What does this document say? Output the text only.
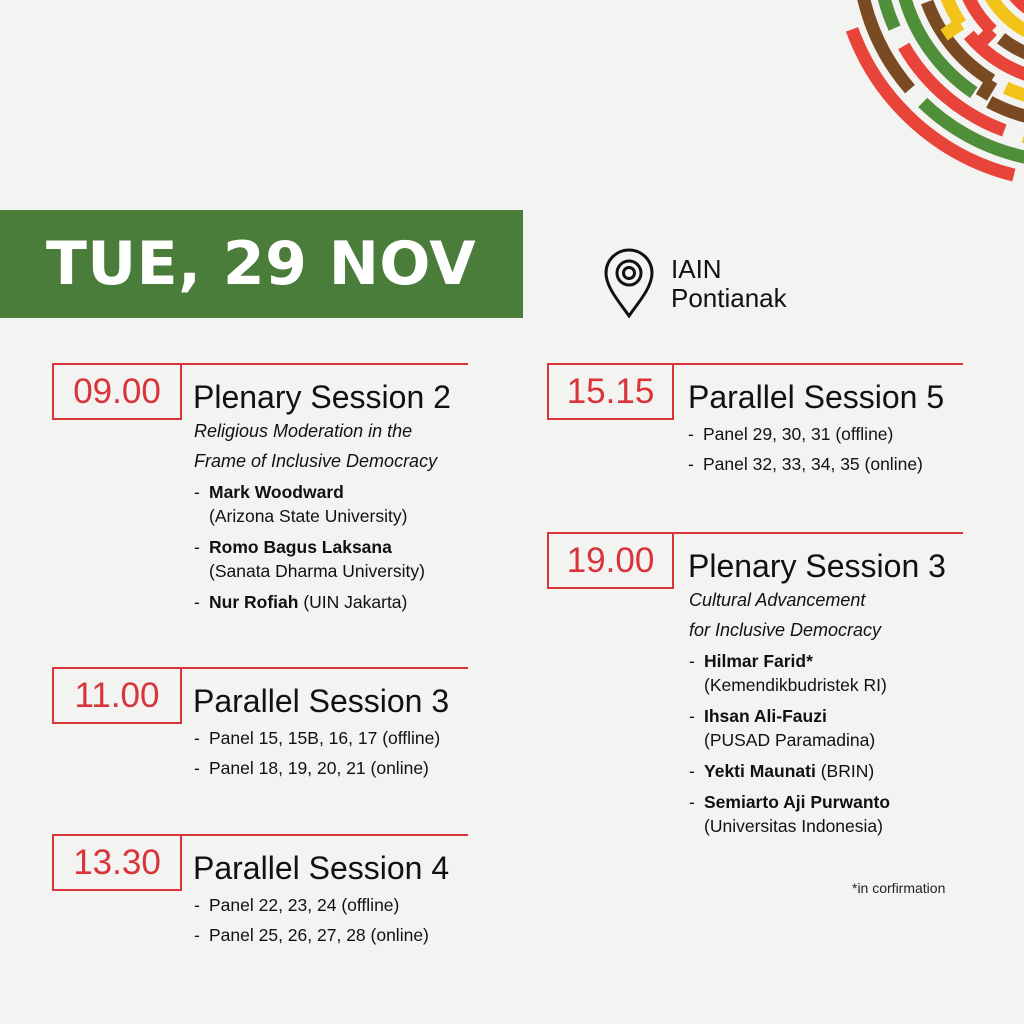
TUE, 29 NOV	IAIN
Pontianak
09.00	Plenary Session 2
Religious Moderation in the
Frame of Inclusive Democracy
- Mark Woodward
(Arizona State University)
- Romo Bagus Laksana
(Sanata Dharma University)
- Nur Rofiah (UIN Jakarta)
11.00	Parallel Session 3
- Panel 15, 15B, 16, 17 (offline)
- Panel 18, 19, 20, 21 (online)
13.30	Parallel Session 4
- Panel 22, 23, 24 (offline)
- Panel 25, 26, 27, 28 (online)
15.15	Parallel Session 5
- Panel 29, 30, 31 (offline)
- Panel 32, 33, 34, 35 (online)
19.00	Plenary Session 3
Cultural Advancement
for Inclusive Democracy
- Hilmar Farid*
(Kemendikbudristek RI)
- Ihsan Ali-Fauzi
(PUSAD Paramadina)
- Yekti Maunati (BRIN)
- Semiarto Aji Purwanto
(Universitas Indonesia)
*in corfirmation
